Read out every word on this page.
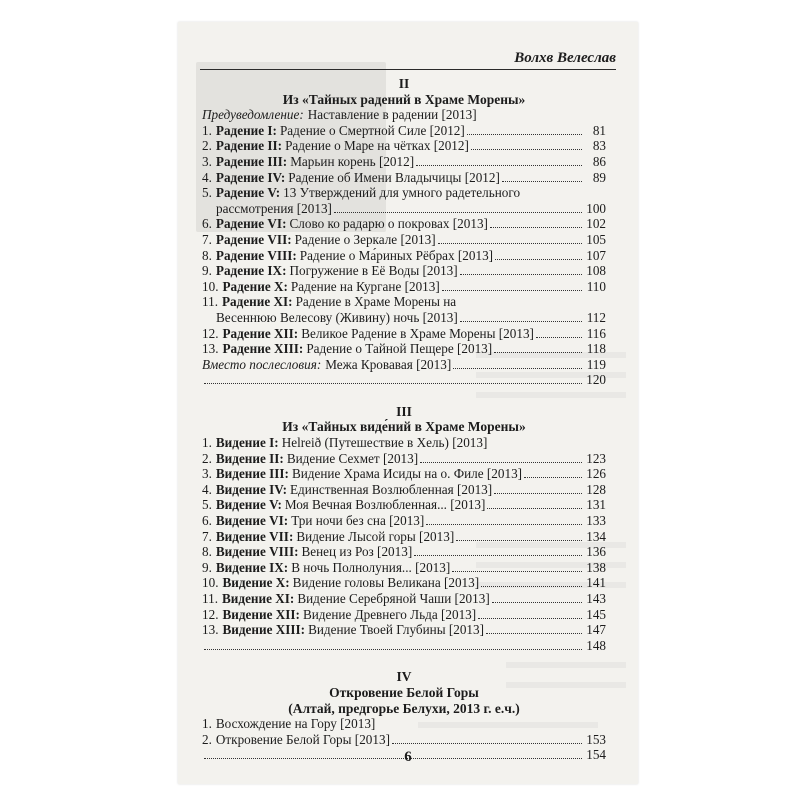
Волхв Велеслав
II
Из «Тайных радений в Храме Морены»
Предуведомление: Наставление в радении [2013]
1. Радение I: Радение о Смертной Силе [2012]	81
2. Радение II: Радение о Маре на чётках [2012]	83
3. Радение III: Марьин корень [2012]	86
4. Радение IV: Радение об Имени Владычицы [2012]	89
5. Радение V: 13 Утверждений для умного радетельного
рассмотрения [2013]	100
6. Радение VI: Слово ко радарю о покровах [2013]	102
7. Радение VII: Радение о Зеркале [2013]	105
8. Радение VIII: Радение о Ма́риных Рёбрах [2013]	107
9. Радение IX: Погружение в Её Воды [2013]	108
10. Радение X: Радение на Кургане [2013]	110
11. Радение XI: Радение в Храме Морены на
Весеннюю Велесову (Живину) ночь [2013]	112
12. Радение XII: Великое Радение в Храме Морены [2013]	116
13. Радение XIII: Радение о Тайной Пещере [2013]	118
Вместо послесловия: Межа Кровавая [2013]	119
120
III
Из «Тайных виде́ний в Храме Морены»
1. Видение I: Helreið (Путешествие в Хель) [2013]
2. Видение II: Видение Сехмет [2013]	123
3. Видение III: Видение Храма Исиды на о. Филе [2013]	126
4. Видение IV: Единственная Возлюбленная [2013]	128
5. Видение V: Моя Вечная Возлюбленная... [2013]	131
6. Видение VI: Три ночи без сна [2013]	133
7. Видение VII: Видение Лысой горы [2013]	134
8. Видение VIII: Венец из Роз [2013]	136
9. Видение IX: В ночь Полнолуния... [2013]	138
10. Видение X: Видение головы Великана [2013]	141
11. Видение XI: Видение Серебряной Чаши [2013]	143
12. Видение XII: Видение Древнего Льда [2013]	145
13. Видение XIII: Видение Твоей Глубины [2013]	147
148
IV
Откровение Белой Горы
(Алтай, предгорье Белухи, 2013 г. е.ч.)
1. Восхождение на Гору [2013]
2. Откровение Белой Горы [2013]	153
154
6
